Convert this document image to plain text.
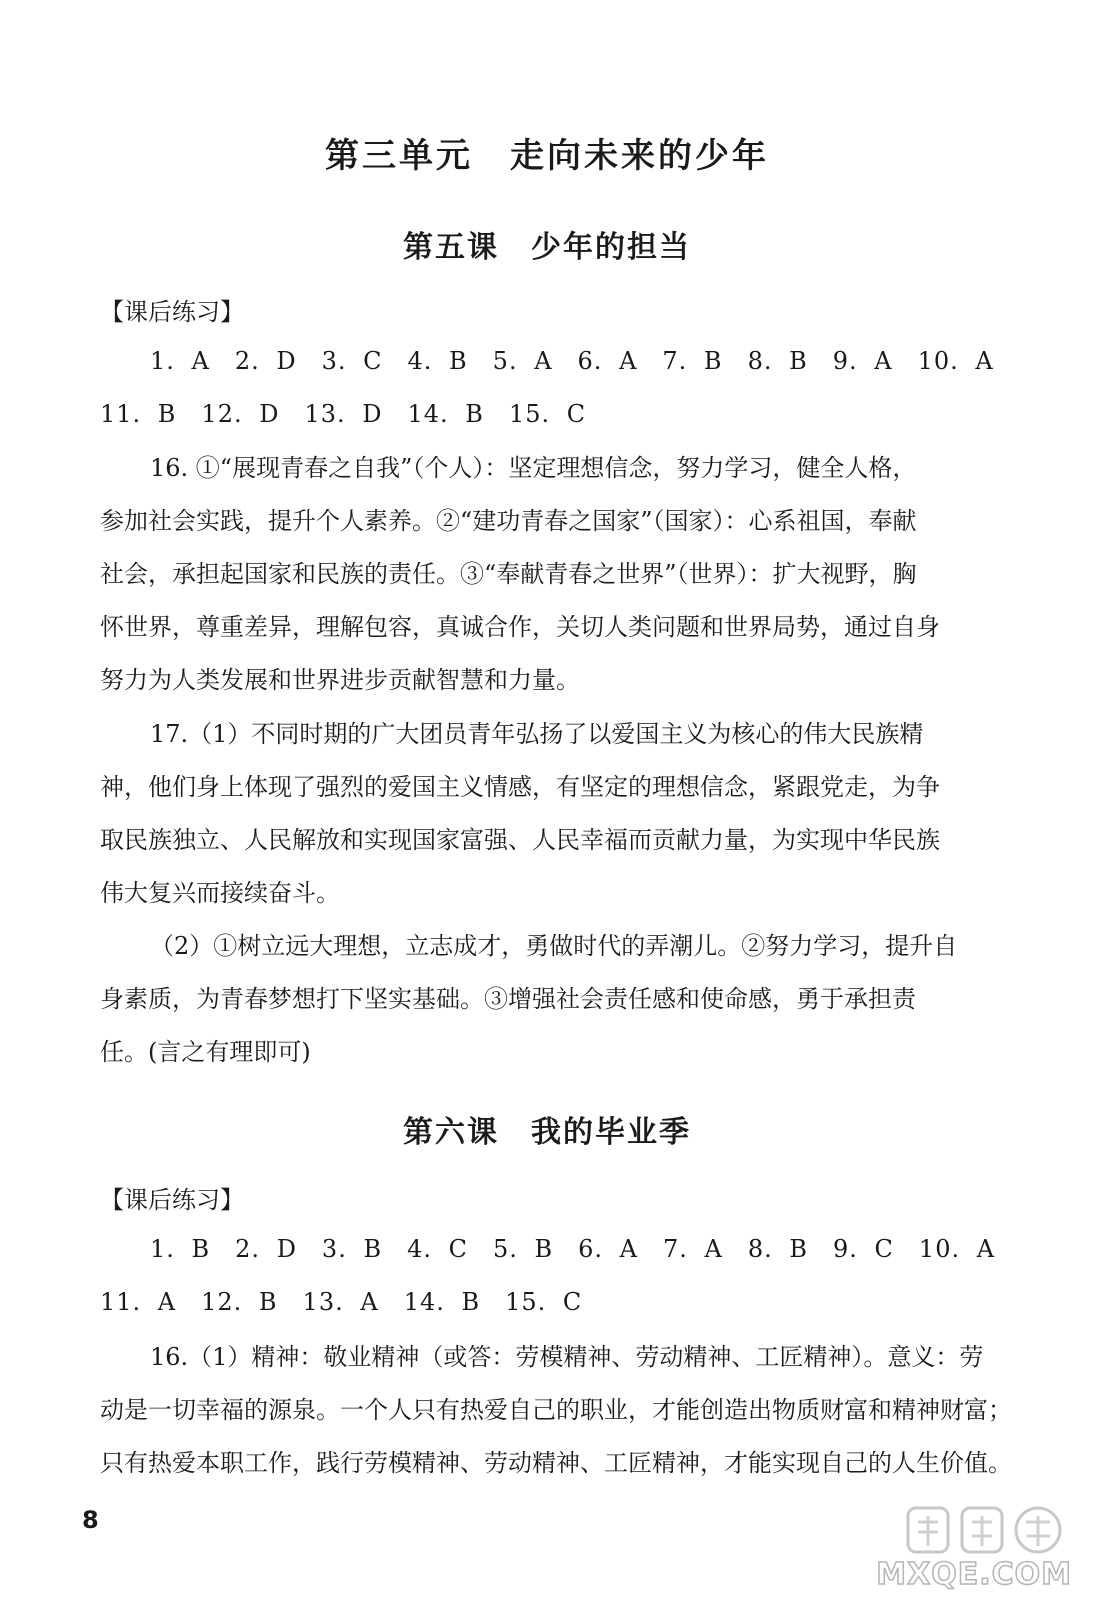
第三单元　走向未来的少年
第五课　少年的担当
【课后练习】
1. A　2. D　3. C　4. B　5. A　6. A　7. B　8. B　9. A　10. A
11. B　12. D　13. D　14. B　15. C
16. ①“展现青春之自我”（个人）：坚定理想信念，努力学习，健全人格，
参加社会实践，提升个人素养。②“建功青春之国家”（国家）：心系祖国，奉献
社会，承担起国家和民族的责任。③“奉献青春之世界”（世界）：扩大视野，胸
怀世界，尊重差异，理解包容，真诚合作，关切人类问题和世界局势，通过自身
努力为人类发展和世界进步贡献智慧和力量。
17.（1）不同时期的广大团员青年弘扬了以爱国主义为核心的伟大民族精
神，他们身上体现了强烈的爱国主义情感，有坚定的理想信念，紧跟党走，为争
取民族独立、人民解放和实现国家富强、人民幸福而贡献力量，为实现中华民族
伟大复兴而接续奋斗。
（2）①树立远大理想，立志成才，勇做时代的弄潮儿。②努力学习，提升自
身素质，为青春梦想打下坚实基础。③增强社会责任感和使命感，勇于承担责
任。(言之有理即可)
第六课　我的毕业季
【课后练习】
1. B　2. D　3. B　4. C　5. B　6. A　7. A　8. B　9. C　10. A
11. A　12. B　13. A　14. B　15. C
16.（1）精神：敬业精神（或答：劳模精神、劳动精神、工匠精神）。意义：劳
动是一切幸福的源泉。一个人只有热爱自己的职业，才能创造出物质财富和精神财富；
只有热爱本职工作，践行劳模精神、劳动精神、工匠精神，才能实现自己的人生价值。
8
MXQE.COM
